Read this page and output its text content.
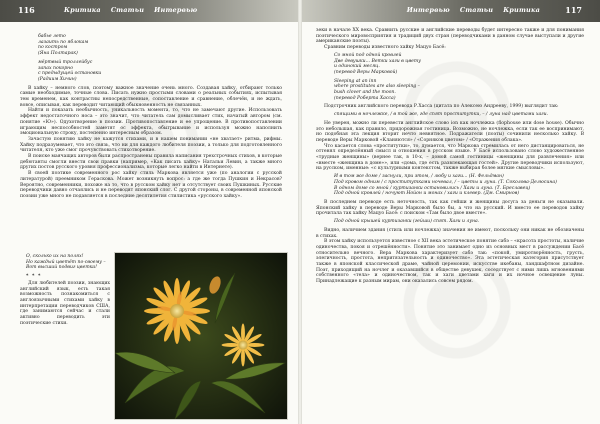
116	Критика Статьи Интервью
бабье лето
лазаить по яблокам
по костром
(Яна Полтарак)
мёртвый троллейбус
запах покорно
с предыдущей остановки
(Радиим Хичин)

В хайку – немного слов, поэтому важное значение очень много. Создавая хайку, отбирают только самые необходимые, точные слова. Писать нужно простыми словами о реальных событиях, испытывая тем временем, как контрастны непосредственные, сопоставление и сравнение, облечён, и не ждать, вовсе, описывая, как переводит читающий обыкновенность не связанных.

Найти и показать необычность, уникальность момента, то, что не замечают другие. Использовать эффект недостаточного носа – это значит, что читатель сам домысливает стих, начатый автором (см. понятие «Ю»). Одухотворение в поэзии. Противопоставление и ее упрощение. В противопоставлении играющим неспособностей заметят ос эффекта, обыгрывание и используя можно наполнить эмоциональную строку, постепенно интересным образом.

Зачастую понятию хайку не кажутся стихами, и в нашем понимании «не хватает» ритма, рифмы. Хайку подразумевает, что это связь, что ни для каждого любителя поэзии, а только для подготовленного читателя, кто уже смог прочувствовать стихотворение.

В поиске маячащих авторов были распространены правила написания трехстрочных стихов, в которые дебютанты смогли внести свои правки (например, «Как писать хайку» Натальи Левин, а также много других постов русского уровня профессионализма, которые легко найти в Интернете).

В своей поэтике современного рос хайку стиль Маркова является уже (по аналогии с русской литературой) преемником Гераскова. Может возникнуть вопрос: а где же тогда Пушкин и Некрасов? Вероятно, современники, похоже на то, что в русском хайку нет и отсутствует своих Пушкиных. Русские переводчики давно отчаялись и не переводят японский слог. С другой стороны, в современной японской поэзии уже много не подавляется в последние десятилетия стилистика «русского хайку».

О, сколько их на полях!
Но каждый цветёт по-своему –
Вот высший подвиг цветка!
* * *

Для любителей поэзии, знающих английский язык, есть такая возможность познакомиться с англоязычными стихами хайку в интерпретации переводчиков США, где занимаются сейчас и стали активно переводить эти поэтические стихи.

Интервью Статьи Критика	117

зеки в начале XX века. Сравнить русские и английские переводы будет интересно также и для понимания поэтического мировосприятия и традиций двух стран (переводчиками в данном случае выступали и другие американские поэты).

Сравним переводы известного хайку Мацуо Басё:

Со мной под одной кровлей
Две девушки... Ветки хаги в цвету
и одинокий месяц.
(перевод Веры Марковой)
Sleeping at an inn
where prostitutes are also sleeping –
bush clover and the moon.
(перевод Роберта Хасса)

Подстрочник английского перевода Р.Хасса (цитата по Алексею Андрееву, 1999) выглядит так:

спящими в ночлежке, / в той же, где спят проститутки, – / луна над цветами хаги.

Не уверен, можно ли перевести английское слово ion как ночлежка (flophouse или dose house). Обычно это небольшая, как правило, придорожная гостиница. Возможно, не ночлежка, если так ее воспринимают, но подобная эта лекция вторит нечто невнятное. Подражатели (поэты) сочинили несколько хайку. В переводе Веры Марковой «Кланяются» / «Сорняков цветом» / «Отражения облака».

Что касается слова «проститутки», то, думается, что Маркова стремилась от него дистанцироваться, не оттенял определённый смысл и отношения в русском языке. У Басё использовано слово художественное «трудные женщины» (вернее так, в 10-х, – домой самой гостиницы «женщины для развлечения» или «вместе «женщина в доме»», или «дома, где есть развлекающая гостей». Другие переводчики используют, на русском, именные: «с культурными контекстом, также выбирая более мягкие смысловы».

И в том же доме / заснули, при этом, / любу и хаги... (Н. Фельдман)
Под кровом одним / с проститутками ночевал, / – цветы и луна. (Т. Соколова-Делюсина)
В одном доме со мной / куртизанки остановились / Хаги и луна. (Т. Бреславец)
Под одной кровлей / ночуют Нойон и монах / хаги и клевер. (Дм. Смирнов)

В последнем переводе есть неточность, так как гейши и женщины досуга за деньги не оказывали. Японский хайку в переводе Веры Марковой было бы, а что на русский. И вместо ее переводов хайку прочитала так хайку Мацуо Басё: с поиском «Там было двое вместе».

Под одной крышей куртизанки (гейши) спят. Хаги и луна.

Видно, наличием здания (стиль или ночлежка) значения не имеют, поскольку они никак не обозначены в стихах.

В этом хайку используется известное с XII века эстетическое понятие сабэ – «красота простоты, наличие одиночества, покоя и отрешённости». Понятие это занимает одно из основных мест в рассуждении Басё относительно вечного. Вера Маркова характеризует сабэ так: «покой, умиротворённость, грусть, элегичность, простота, непритязательность и одиночество». Эта эстетическая категория присутствует также в японской классической драме, чайной церемонии, искусстве икебаны, ландшафтном дизайне. Поэт, приходящий на ночлег и оказавшийся в обществе девушек, соседствует с ними лишь мгновениями собственного «тела» и одиночеством, так и хаги цветами хаги и их ночное освещение луны. Принадлежащие к разным мирам, они оказались совсем рядом.
